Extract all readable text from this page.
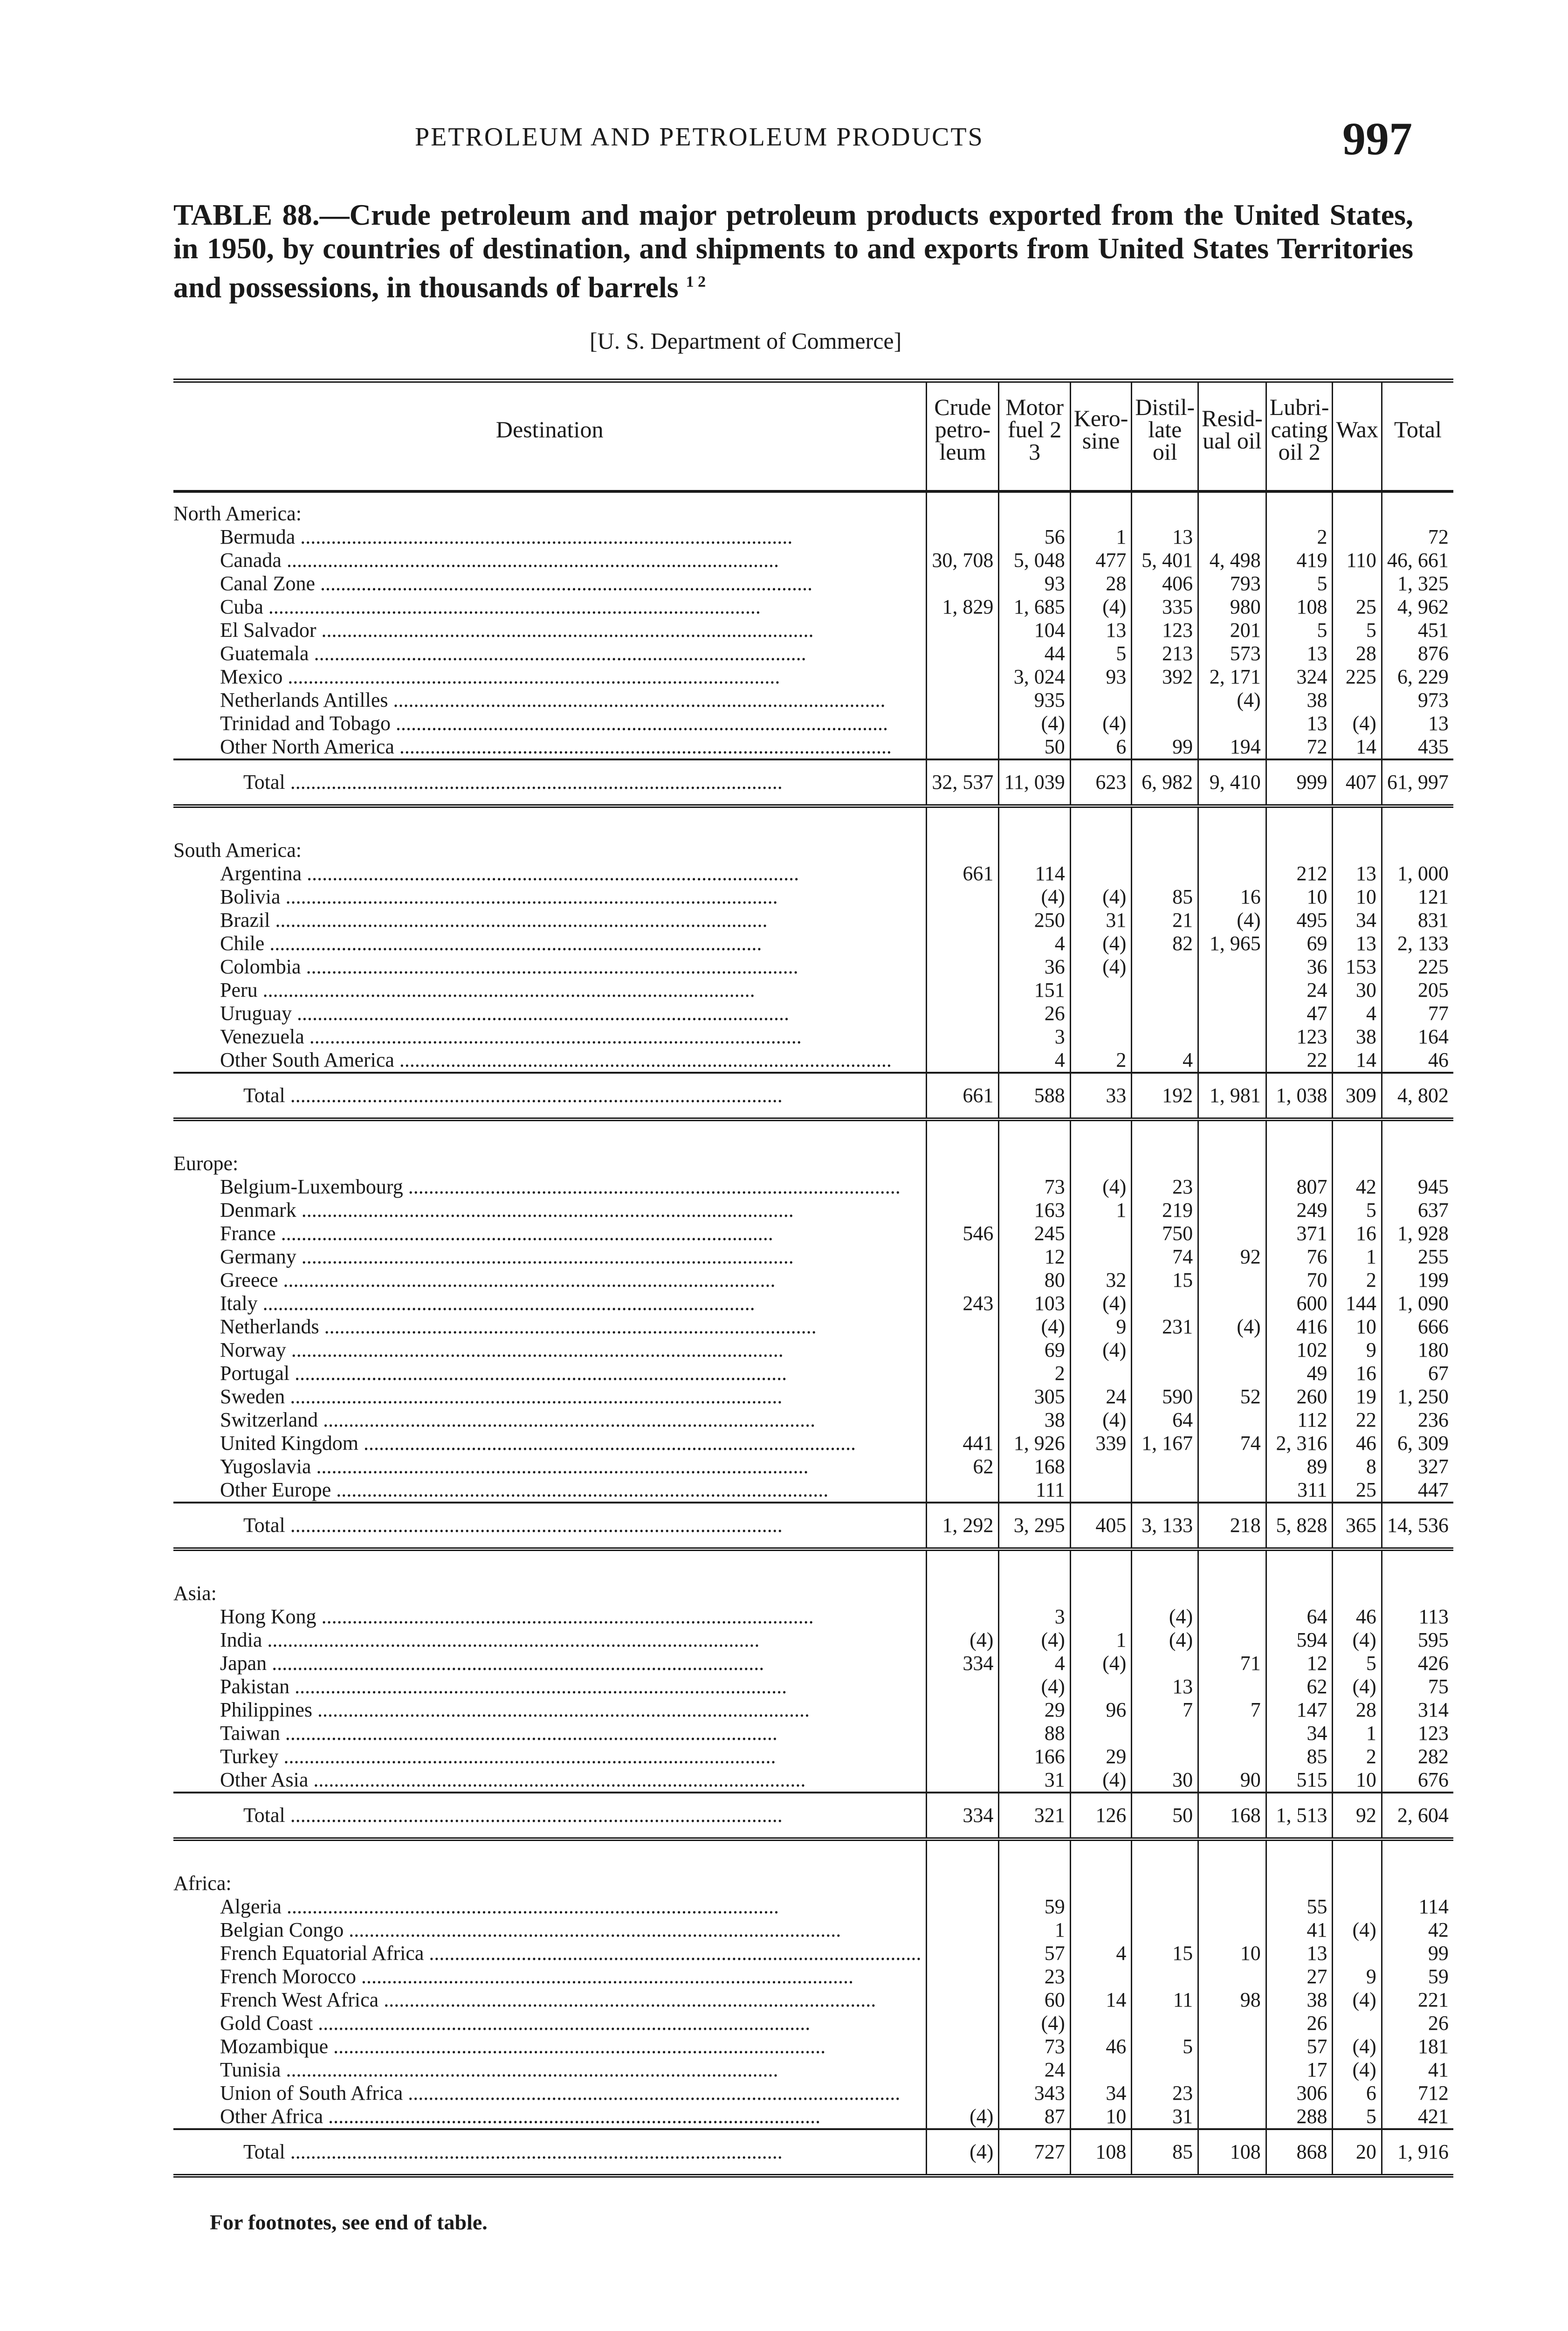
PETROLEUM AND PETROLEUM PRODUCTS	997
TABLE 88.—Crude petroleum and major petroleum products exported from the United States, in 1950, by countries of destination, and shipments to and exports from United States Territories and possessions, in thousands of barrels $^{1 2}$
[U. S. Department of Commerce]
Destination	Crude petro-leum	Motor fuel 2 3	Kero-sine	Distil-late oil	Resid-ual oil	Lubri-cating oil 2	Wax	Total
North America:								
Bermuda .....		56	1	13		2		72
Canada .....	30, 708	5, 048	477	5, 401	4, 498	419	110	46, 661
Canal Zone .....		93	28	406	793	5		1, 325
Cuba .....	1, 829	1, 685	(4)	335	980	108	25	4, 962
El Salvador .....		104	13	123	201	5	5	451
Guatemala .....		44	5	213	573	13	28	876
Mexico .....		3, 024	93	392	2, 171	324	225	6, 229
Netherlands Antilles .....		935			(4)	38		973
Trinidad and Tobago .....		(4)	(4)			13	(4)	13
Other North America .....		50	6	99	194	72	14	435
Total .....	32, 537	11, 039	623	6, 982	9, 410	999	407	61, 997

South America:								
Argentina .....	661	114				212	13	1, 000
Bolivia .....		(4)	(4)	85	16	10	10	121
Brazil .....		250	31	21	(4)	495	34	831
Chile .....		4	(4)	82	1, 965	69	13	2, 133
Colombia .....		36	(4)			36	153	225
Peru .....		151				24	30	205
Uruguay .....		26				47	4	77
Venezuela .....		3				123	38	164
Other South America .....		4	2	4		22	14	46
Total .....	661	588	33	192	1, 981	1, 038	309	4, 802

Europe:								
Belgium-Luxembourg .....		73	(4)	23		807	42	945
Denmark .....		163	1	219		249	5	637
France .....	546	245		750		371	16	1, 928
Germany .....		12		74	92	76	1	255
Greece .....		80	32	15		70	2	199
Italy .....	243	103	(4)			600	144	1, 090
Netherlands .....		(4)	9	231	(4)	416	10	666
Norway .....		69	(4)			102	9	180
Portugal .....		2				49	16	67
Sweden .....		305	24	590	52	260	19	1, 250
Switzerland .....		38	(4)	64		112	22	236
United Kingdom .....	441	1, 926	339	1, 167	74	2, 316	46	6, 309
Yugoslavia .....	62	168				89	8	327
Other Europe .....		111				311	25	447
Total .....	1, 292	3, 295	405	3, 133	218	5, 828	365	14, 536

Asia:								
Hong Kong .....		3		(4)		64	46	113
India .....	(4)	(4)	1	(4)		594	(4)	595
Japan .....	334	4	(4)		71	12	5	426
Pakistan .....		(4)		13		62	(4)	75
Philippines .....		29	96	7	7	147	28	314
Taiwan .....		88				34	1	123
Turkey .....		166	29			85	2	282
Other Asia .....		31	(4)	30	90	515	10	676
Total .....	334	321	126	50	168	1, 513	92	2, 604

Africa:								
Algeria .....		59				55		114
Belgian Congo .....		1				41	(4)	42
French Equatorial Africa .....		57	4	15	10	13		99
French Morocco .....		23				27	9	59
French West Africa .....		60	14	11	98	38	(4)	221
Gold Coast .....		(4)				26		26
Mozambique .....		73	46	5		57	(4)	181
Tunisia .....		24				17	(4)	41
Union of South Africa .....		343	34	23		306	6	712
Other Africa .....	(4)	87	10	31		288	5	421
Total .....	(4)	727	108	85	108	868	20	1, 916
For footnotes, see end of table.
